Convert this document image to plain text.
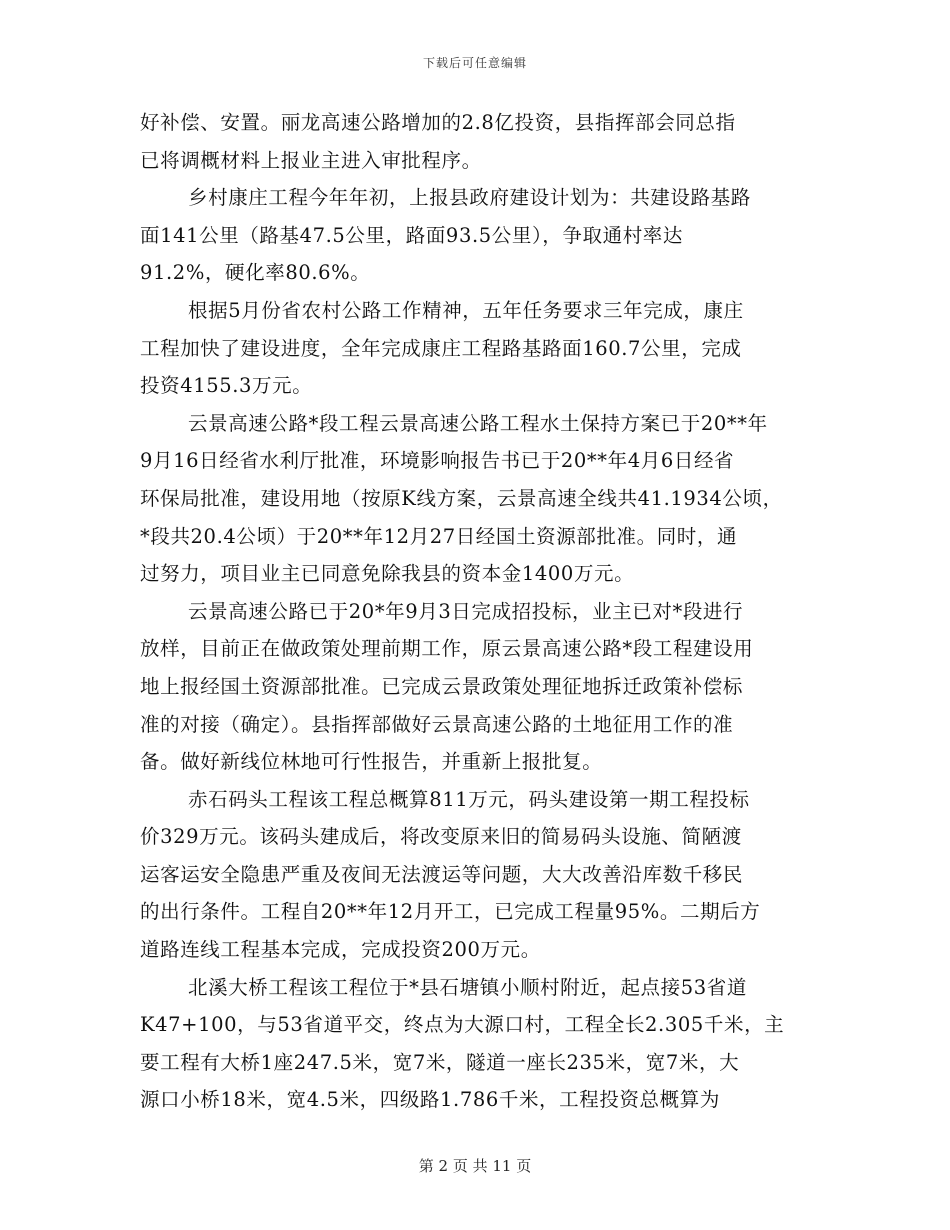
下载后可任意编辑
好补偿、安置。丽龙高速公路增加的2.8亿投资，县指挥部会同总指
已将调概材料上报业主进入审批程序。
乡村康庄工程今年年初，上报县政府建设计划为：共建设路基路
面141公里（路基47.5公里，路面93.5公里），争取通村率达
91.2%，硬化率80.6%。
根据5月份省农村公路工作精神，五年任务要求三年完成，康庄
工程加快了建设进度，全年完成康庄工程路基路面160.7公里，完成
投资4155.3万元。
云景高速公路*段工程云景高速公路工程水土保持方案已于20**年
9月16日经省水利厅批准，环境影响报告书已于20**年4月6日经省
环保局批准，建设用地（按原K线方案，云景高速全线共41.1934公顷，
*段共20.4公顷）于20**年12月27日经国土资源部批准。同时，通
过努力，项目业主已同意免除我县的资本金1400万元。
云景高速公路已于20*年9月3日完成招投标，业主已对*段进行
放样，目前正在做政策处理前期工作，原云景高速公路*段工程建设用
地上报经国土资源部批准。已完成云景政策处理征地拆迁政策补偿标
准的对接（确定）。县指挥部做好云景高速公路的土地征用工作的准
备。做好新线位林地可行性报告，并重新上报批复。
赤石码头工程该工程总概算811万元，码头建设第一期工程投标
价329万元。该码头建成后，将改变原来旧的简易码头设施、简陋渡
运客运安全隐患严重及夜间无法渡运等问题，大大改善沿库数千移民
的出行条件。工程自20**年12月开工，已完成工程量95%。二期后方
道路连线工程基本完成，完成投资200万元。
北溪大桥工程该工程位于*县石塘镇小顺村附近，起点接53省道
K47+100，与53省道平交，终点为大源口村，工程全长2.305千米，主
要工程有大桥1座247.5米，宽7米，隧道一座长235米，宽7米，大
源口小桥18米，宽4.5米，四级路1.786千米，工程投资总概算为
第 2 页 共 11 页
